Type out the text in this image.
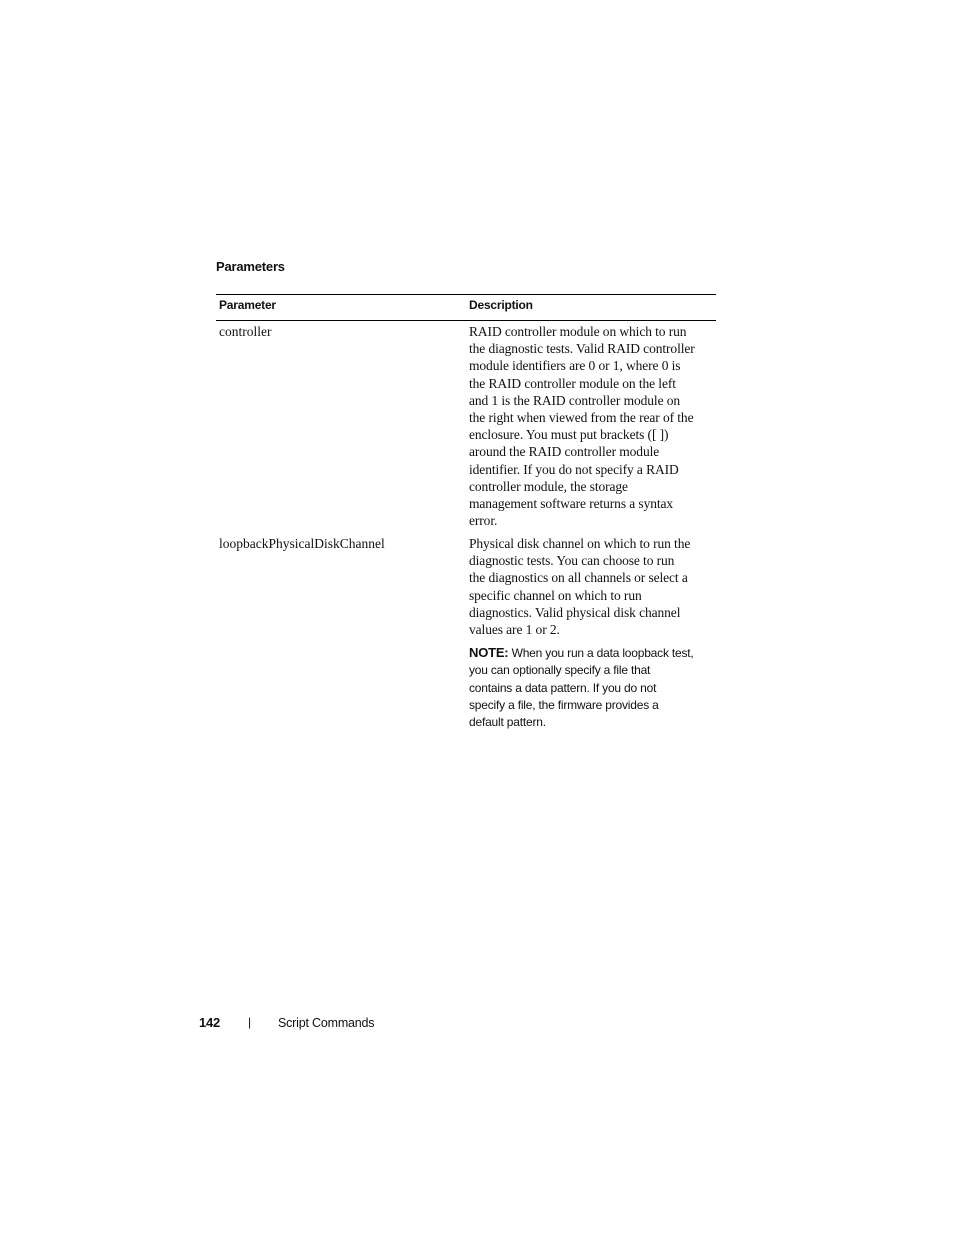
Parameters
Parameter	Description
controller	RAID controller module on which to run
the diagnostic tests. Valid RAID controller
module identifiers are 0 or 1, where 0 is
the RAID controller module on the left
and 1 is the RAID controller module on
the right when viewed from the rear of the
enclosure. You must put brackets ([ ])
around the RAID controller module
identifier. If you do not specify a RAID
controller module, the storage
management software returns a syntax
error.
loopbackPhysicalDiskChannel	Physical disk channel on which to run the
diagnostic tests. You can choose to run
the diagnostics on all channels or select a
specific channel on which to run
diagnostics. Valid physical disk channel
values are 1 or 2.
NOTE: When you run a data loopback test,
you can optionally specify a file that
contains a data pattern. If you do not
specify a file, the firmware provides a
default pattern.
142 | Script Commands
